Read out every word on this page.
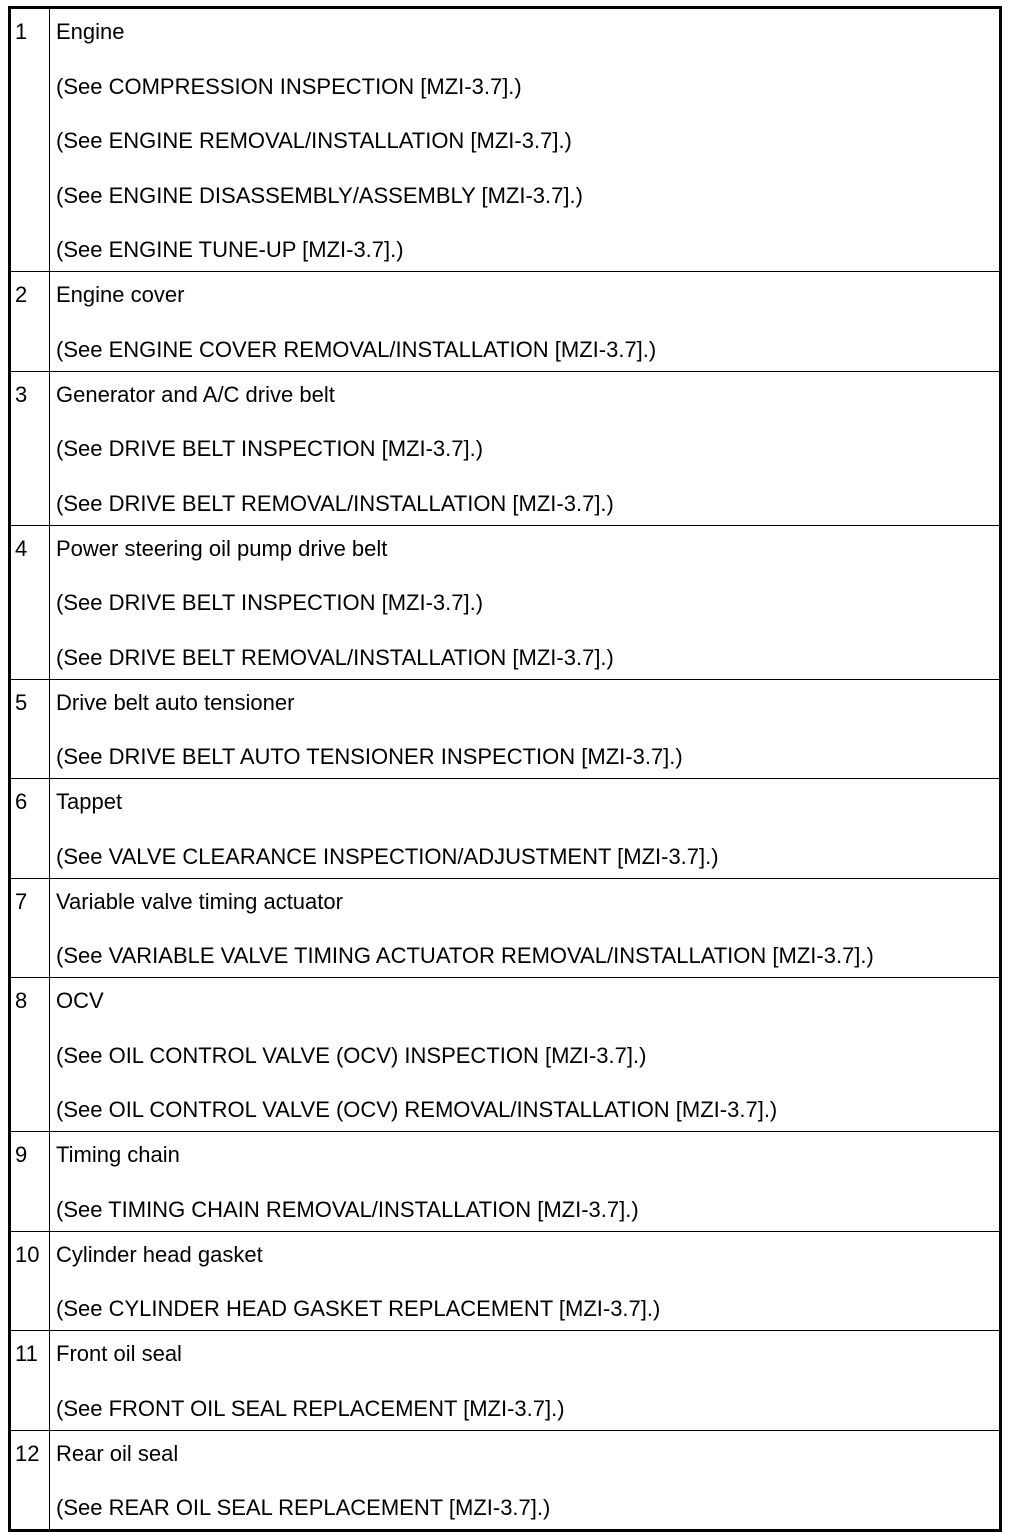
1	Engine
(See COMPRESSION INSPECTION [MZI-3.7].)
(See ENGINE REMOVAL/INSTALLATION [MZI-3.7].)
(See ENGINE DISASSEMBLY/ASSEMBLY [MZI-3.7].)
(See ENGINE TUNE-UP [MZI-3.7].)

2	Engine cover
(See ENGINE COVER REMOVAL/INSTALLATION [MZI-3.7].)

3	Generator and A/C drive belt
(See DRIVE BELT INSPECTION [MZI-3.7].)
(See DRIVE BELT REMOVAL/INSTALLATION [MZI-3.7].)

4	Power steering oil pump drive belt
(See DRIVE BELT INSPECTION [MZI-3.7].)
(See DRIVE BELT REMOVAL/INSTALLATION [MZI-3.7].)

5	Drive belt auto tensioner
(See DRIVE BELT AUTO TENSIONER INSPECTION [MZI-3.7].)

6	Tappet
(See VALVE CLEARANCE INSPECTION/ADJUSTMENT [MZI-3.7].)

7	Variable valve timing actuator
(See VARIABLE VALVE TIMING ACTUATOR REMOVAL/INSTALLATION [MZI-3.7].)

8	OCV
(See OIL CONTROL VALVE (OCV) INSPECTION [MZI-3.7].)
(See OIL CONTROL VALVE (OCV) REMOVAL/INSTALLATION [MZI-3.7].)

9	Timing chain
(See TIMING CHAIN REMOVAL/INSTALLATION [MZI-3.7].)

10	Cylinder head gasket
(See CYLINDER HEAD GASKET REPLACEMENT [MZI-3.7].)

11	Front oil seal
(See FRONT OIL SEAL REPLACEMENT [MZI-3.7].)

12	Rear oil seal
(See REAR OIL SEAL REPLACEMENT [MZI-3.7].)
